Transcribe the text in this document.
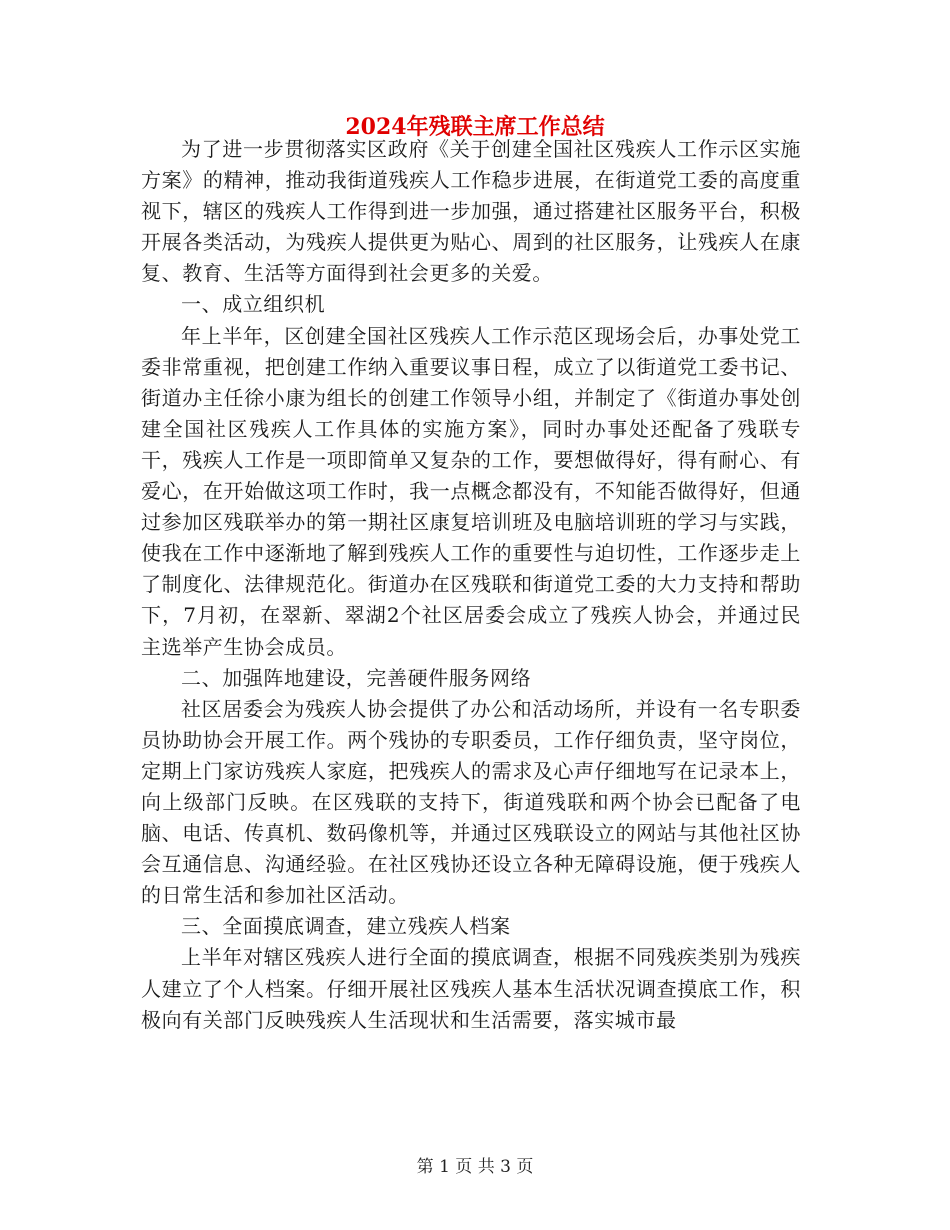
2024年残联主席工作总结

为了进一步贯彻落实区政府《关于创建全国社区残疾人工作示区实施方案》的精神，推动我街道残疾人工作稳步进展，在街道党工委的高度重视下，辖区的残疾人工作得到进一步加强，通过搭建社区服务平台，积极开展各类活动，为残疾人提供更为贴心、周到的社区服务，让残疾人在康复、教育、生活等方面得到社会更多的关爱。

一、成立组织机

年上半年，区创建全国社区残疾人工作示范区现场会后，办事处党工委非常重视，把创建工作纳入重要议事日程，成立了以街道党工委书记、街道办主任徐小康为组长的创建工作领导小组，并制定了《街道办事处创建全国社区残疾人工作具体的实施方案》，同时办事处还配备了残联专干，残疾人工作是一项即简单又复杂的工作，要想做得好，得有耐心、有爱心，在开始做这项工作时，我一点概念都没有，不知能否做得好，但通过参加区残联举办的第一期社区康复培训班及电脑培训班的学习与实践，使我在工作中逐渐地了解到残疾人工作的重要性与迫切性，工作逐步走上了制度化、法律规范化。街道办在区残联和街道党工委的大力支持和帮助下，7月初，在翠新、翠湖2个社区居委会成立了残疾人协会，并通过民主选举产生协会成员。

二、加强阵地建设，完善硬件服务网络

社区居委会为残疾人协会提供了办公和活动场所，并设有一名专职委员协助协会开展工作。两个残协的专职委员，工作仔细负责，坚守岗位，定期上门家访残疾人家庭，把残疾人的需求及心声仔细地写在记录本上，向上级部门反映。在区残联的支持下，街道残联和两个协会已配备了电脑、电话、传真机、数码像机等，并通过区残联设立的网站与其他社区协会互通信息、沟通经验。在社区残协还设立各种无障碍设施，便于残疾人的日常生活和参加社区活动。

三、全面摸底调查，建立残疾人档案

上半年对辖区残疾人进行全面的摸底调查，根据不同残疾类别为残疾人建立了个人档案。仔细开展社区残疾人基本生活状况调查摸底工作，积极向有关部门反映残疾人生活现状和生活需要，落实城市最

第 1 页 共 3 页
